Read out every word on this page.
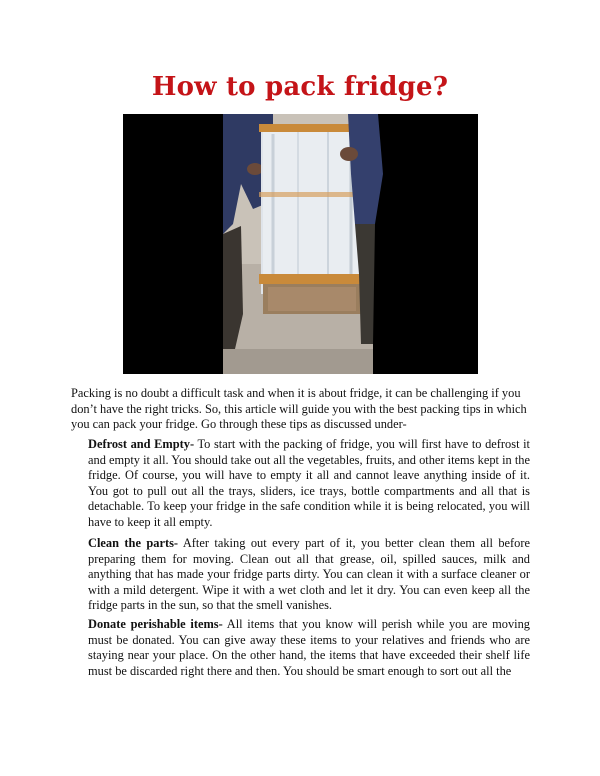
How to pack fridge?

Packing is no doubt a difficult task and when it is about fridge, it can be challenging if you don’t have the right tricks. So, this article will guide you with the best packing tips in which you can pack your fridge. Go through these tips as discussed under-

Defrost and Empty- To start with the packing of fridge, you will first have to defrost it and empty it all. You should take out all the vegetables, fruits, and other items kept in the fridge. Of course, you will have to empty it all and cannot leave anything inside of it. You got to pull out all the trays, sliders, ice trays, bottle compartments and all that is detachable. To keep your fridge in the safe condition while it is being relocated, you will have to keep it all empty.

Clean the parts- After taking out every part of it, you better clean them all before preparing them for moving. Clean out all that grease, oil, spilled sauces, milk and anything that has made your fridge parts dirty. You can clean it with a surface cleaner or with a mild detergent. Wipe it with a wet cloth and let it dry. You can even keep all the fridge parts in the sun, so that the smell vanishes.

Donate perishable items- All items that you know will perish while you are moving must be donated. You can give away these items to your relatives and friends who are staying near your place. On the other hand, the items that have exceeded their shelf life must be discarded right there and then. You should be smart enough to sort out all the
